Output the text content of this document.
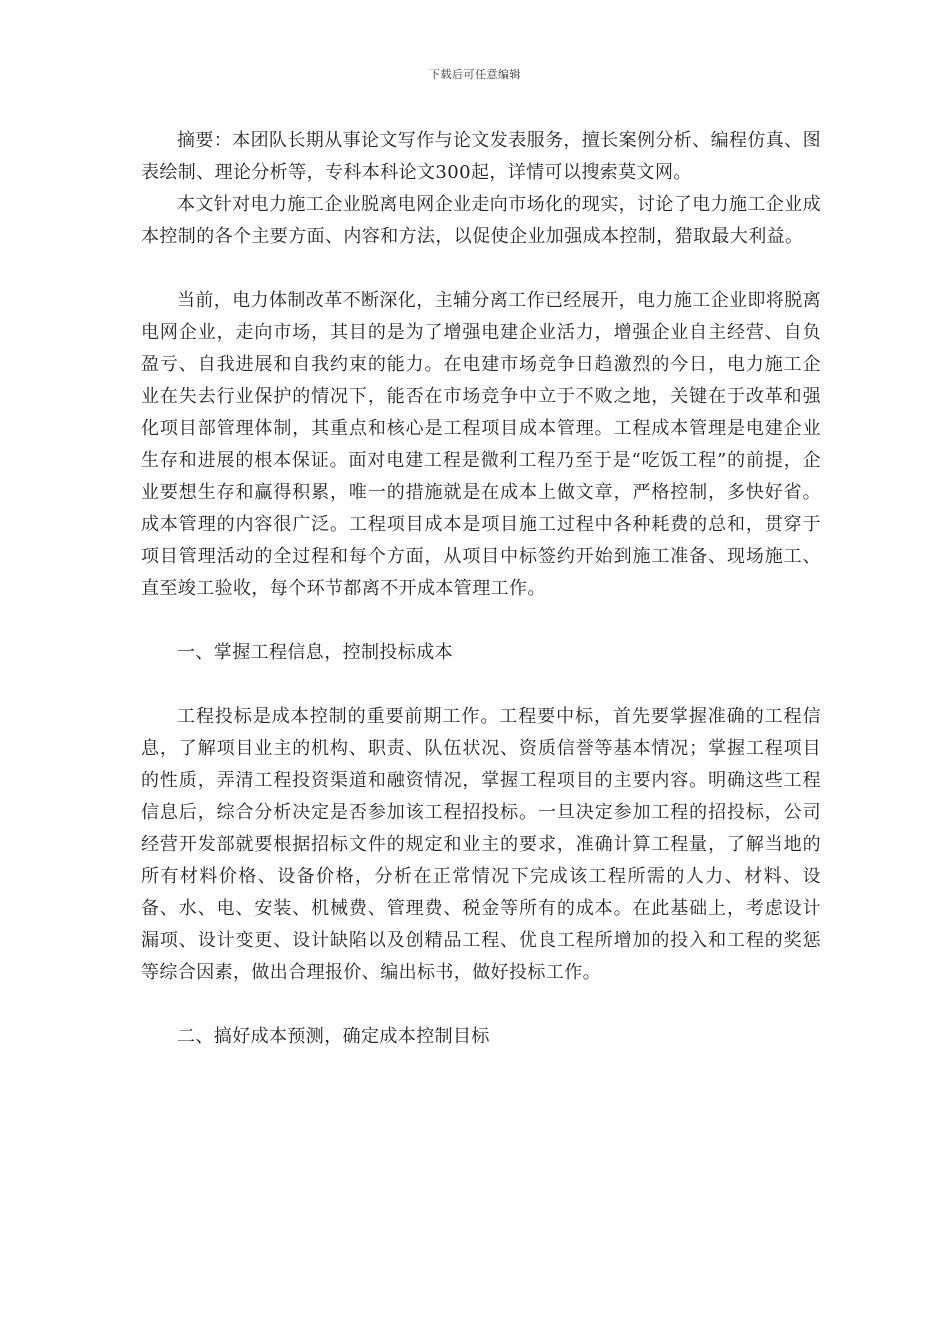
下载后可任意编辑

摘要：本团队长期从事论文写作与论文发表服务，擅长案例分析、编程仿真、图表绘制、理论分析等，专科本科论文300起，详情可以搜索莫文网。

本文针对电力施工企业脱离电网企业走向市场化的现实，讨论了电力施工企业成本控制的各个主要方面、内容和方法，以促使企业加强成本控制，猎取最大利益。

当前，电力体制改革不断深化，主辅分离工作已经展开，电力施工企业即将脱离电网企业，走向市场，其目的是为了增强电建企业活力，增强企业自主经营、自负盈亏、自我进展和自我约束的能力。在电建市场竞争日趋激烈的今日，电力施工企业在失去行业保护的情况下，能否在市场竞争中立于不败之地，关键在于改革和强化项目部管理体制，其重点和核心是工程项目成本管理。工程成本管理是电建企业生存和进展的根本保证。面对电建工程是微利工程乃至于是“吃饭工程”的前提，企业要想生存和赢得积累，唯一的措施就是在成本上做文章，严格控制，多快好省。成本管理的内容很广泛。工程项目成本是项目施工过程中各种耗费的总和，贯穿于项目管理活动的全过程和每个方面，从项目中标签约开始到施工准备、现场施工、直至竣工验收，每个环节都离不开成本管理工作。

一、掌握工程信息，控制投标成本

工程投标是成本控制的重要前期工作。工程要中标，首先要掌握准确的工程信息，了解项目业主的机构、职责、队伍状况、资质信誉等基本情况；掌握工程项目的性质，弄清工程投资渠道和融资情况，掌握工程项目的主要内容。明确这些工程信息后，综合分析决定是否参加该工程招投标。一旦决定参加工程的招投标，公司经营开发部就要根据招标文件的规定和业主的要求，准确计算工程量，了解当地的所有材料价格、设备价格，分析在正常情况下完成该工程所需的人力、材料、设备、水、电、安装、机械费、管理费、税金等所有的成本。在此基础上，考虑设计漏项、设计变更、设计缺陷以及创精品工程、优良工程所增加的投入和工程的奖惩等综合因素，做出合理报价、编出标书，做好投标工作。

二、搞好成本预测，确定成本控制目标
